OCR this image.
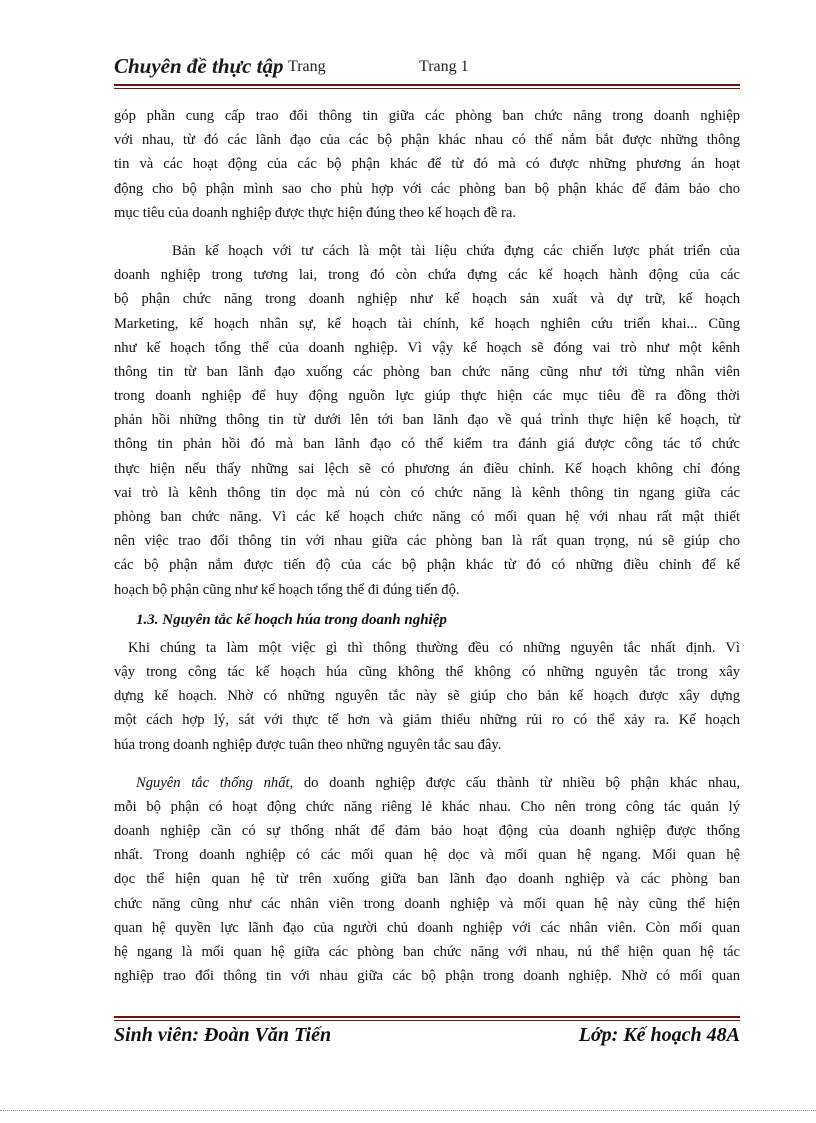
Chuyên đề thực tập Trang	Trang 1
góp phần cung cấp trao đổi thông tin giữa các phòng ban chức năng trong doanh nghiệp
với nhau, từ đó các lãnh đạo của các bộ phận khác nhau có thể nắm bắt được những thông
tin và các hoạt động của các bộ phận khác để từ đó mà có được những phương án hoạt
động cho bộ phận mình sao cho phù hợp với các phòng ban bộ phận khác để đảm bảo cho
mục tiêu của doanh nghiệp được thực hiện đúng theo kế hoạch đề ra.
Bản kế hoạch với tư cách là một tài liệu chứa đựng các chiến lược phát triển của
doanh nghiệp trong tương lai, trong đó còn chứa đựng các kế hoạch hành động của các
bộ phận chức năng trong doanh nghiệp như kế hoạch sản xuất và dự trữ, kế hoạch
Marketing, kế hoạch nhân sự, kế hoạch tài chính, kế hoạch nghiên cứu triển khai... Cũng
như kế hoạch tổng thể của doanh nghiệp. Vì vậy kế hoạch sẽ đóng vai trò như một kênh
thông tin từ ban lãnh đạo xuống các phòng ban chức năng cũng như tới từng nhân viên
trong doanh nghiệp để huy động nguồn lực giúp thực hiện các mục tiêu đề ra đồng thời
phản hồi những thông tin từ dưới lên tới ban lãnh đạo về quá trình thực hiện kế hoạch, từ
thông tin phản hồi đó mà ban lãnh đạo có thể kiểm tra đánh giá được công tác tổ chức
thực hiện nếu thấy những sai lệch sẽ có phương án điều chỉnh. Kế hoạch không chỉ đóng
vai trò là kênh thông tin dọc mà nú còn có chức năng là kênh thông tin ngang giữa các
phòng ban chức năng. Vì các kế hoạch chức năng có mối quan hệ với nhau rất mật thiết
nên việc trao đổi thông tin với nhau giữa các phòng ban là rất quan trọng, nú sẽ giúp cho
các bộ phận nắm được tiến độ của các bộ phận khác từ đó có những điều chỉnh để kế
hoạch bộ phận cũng như kế hoạch tổng thể đi đúng tiến độ.
1.3. Nguyên tắc kế hoạch húa trong doanh nghiệp
Khi chúng ta làm một việc gì thì thông thường đều có những nguyên tắc nhất định. Vì
vậy trong công tác kế hoạch húa cũng không thể không có những nguyên tắc trong xây
dựng kế hoạch. Nhờ có những nguyên tắc này sẽ giúp cho bản kế hoạch được xây dựng
một cách hợp lý, sát với thực tế hơn và giảm thiểu những rủi ro có thể xảy ra. Kế hoạch
húa trong doanh nghiệp được tuân theo những nguyên tắc sau đây.
Nguyên tắc thống nhất, do doanh nghiệp được cấu thành từ nhiều bộ phận khác nhau,
mỗi bộ phận có hoạt động chức năng riêng lẻ khác nhau. Cho nên trong công tác quản lý
doanh nghiệp cần có sự thống nhất để đảm bảo hoạt động của doanh nghiệp được thống
nhất. Trong doanh nghiệp có các mối quan hệ dọc và mối quan hệ ngang. Mối quan hệ
dọc thể hiện quan hệ từ trên xuống giữa ban lãnh đạo doanh nghiệp và các phòng ban
chức năng cũng như các nhân viên trong doanh nghiệp và mối quan hệ này cũng thể hiện
quan hệ quyền lực lãnh đạo của người chủ doanh nghiệp với các nhân viên. Còn mối quan
hệ ngang là mối quan hệ giữa các phòng ban chức năng với nhau, nú thể hiện quan hệ tác
nghiệp trao đổi thông tin với nhau giữa các bộ phận trong doanh nghiệp. Nhờ có mối quan
Sinh viên: Đoàn Văn Tiến	Lớp: Kế hoạch 48A
